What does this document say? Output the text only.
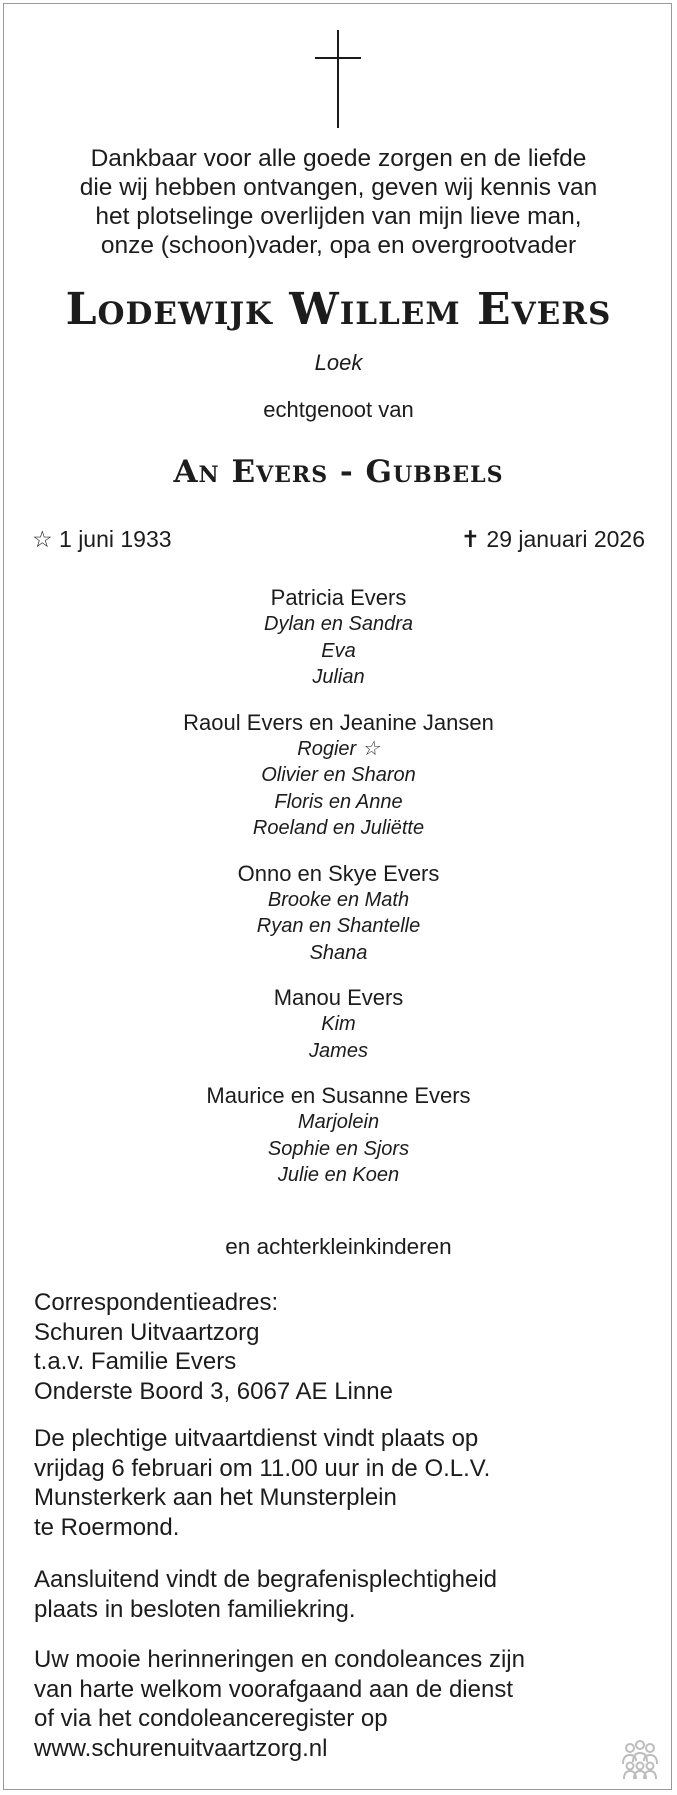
Dankbaar voor alle goede zorgen en de liefde
die wij hebben ontvangen, geven wij kennis van
het plotselinge overlijden van mijn lieve man,
onze (schoon)vader, opa en overgrootvader
Lodewijk Willem Evers
Loek
echtgenoot van
An Evers - Gubbels
☆ 1 juni 1933	✝ 29 januari 2026
Patricia Evers
Dylan en Sandra
Eva
Julian
Raoul Evers en Jeanine Jansen
Rogier ☆
Olivier en Sharon
Floris en Anne
Roeland en Juliëtte
Onno en Skye Evers
Brooke en Math
Ryan en Shantelle
Shana
Manou Evers
Kim
James
Maurice en Susanne Evers
Marjolein
Sophie en Sjors
Julie en Koen
en achterkleinkinderen
Correspondentieadres:
Schuren Uitvaartzorg
t.a.v. Familie Evers
Onderste Boord 3, 6067 AE Linne
De plechtige uitvaartdienst vindt plaats op
vrijdag 6 februari om 11.00 uur in de O.L.V.
Munsterkerk aan het Munsterplein
te Roermond.
Aansluitend vindt de begrafenisplechtigheid
plaats in besloten familiekring.
Uw mooie herinneringen en condoleances zijn
van harte welkom voorafgaand aan de dienst
of via het condoleanceregister op
www.schurenuitvaartzorg.nl
